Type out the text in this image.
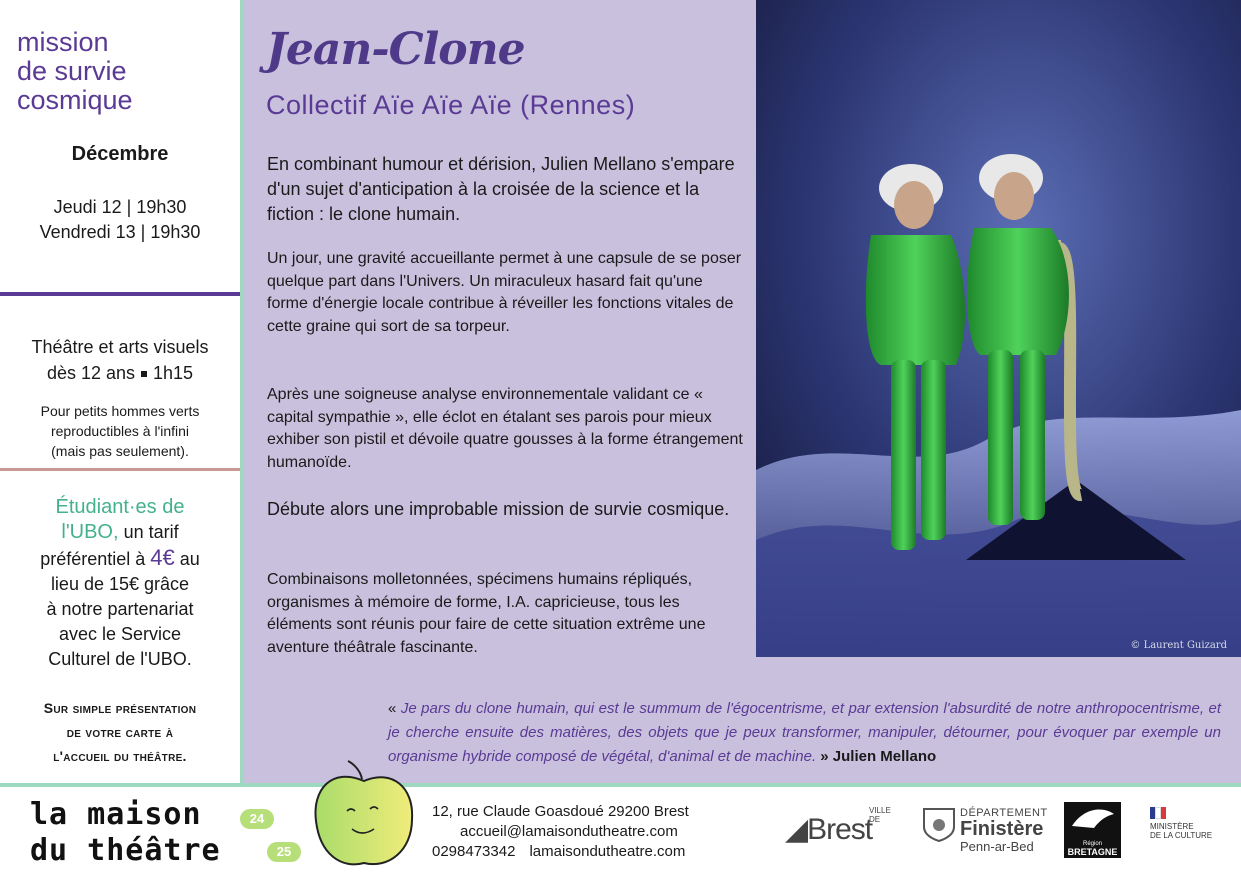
mission
de survie
cosmique
Décembre
Jeudi 12 | 19h30
Vendredi 13 | 19h30
Théâtre et arts visuels
dès 12 ans 1h15
Pour petits hommes verts
reproductibles à l'infini
(mais pas seulement).
Étudiant·es de
l'UBO, un tarif
préférentiel à 4€ au
lieu de 15€ grâce
à notre partenariat
avec le Service
Culturel de l'UBO.
Sur simple présentation
de votre carte à
l'accueil du théâtre.
Jean-Clone
Collectif Aïe Aïe Aïe (Rennes)

En combinant humour et dérision, Julien Mellano s'empare d'un sujet d'anticipation à la croisée de la science et la fiction : le clone humain.

Un jour, une gravité accueillante permet à une capsule de se poser quelque part dans l'Univers. Un miraculeux hasard fait qu'une forme d'énergie locale contribue à réveiller les fonctions vitales de cette graine qui sort de sa torpeur.

Après une soigneuse analyse environnementale validant ce « capital sympathie », elle éclot en étalant ses parois pour mieux exhiber son pistil et dévoile quatre gousses à la forme étrangement humanoïde.

Débute alors une improbable mission de survie cosmique.

Combinaisons molletonnées, spécimens humains répliqués, organismes à mémoire de forme, I.A. capricieuse, tous les éléments sont réunis pour faire de cette situation extrême une aventure théâtrale fascinante.	© Laurent Guizard

« Je pars du clone humain, qui est le summum de l'égocentrisme, et par extension l'absurdité de notre anthropocentrisme, et je cherche ensuite des matières, des objets que je peux transformer, manipuler, détourner, pour évoquer par exemple un organisme hybride composé de végétal, d'animal et de machine. » Julien Mellano

la maison
du théâtre
24
25
12, rue Claude Goasdoué 29200 Brest
accueil@lamaisondutheatre.com
0298473342 lamaisondutheatre.com
◢Brest
VILLE DE
DÉPARTEMENT
Finistère
Penn-ar-Bed	Région
BRETAGNE
MINISTÈRE
DE LA CULTURE
